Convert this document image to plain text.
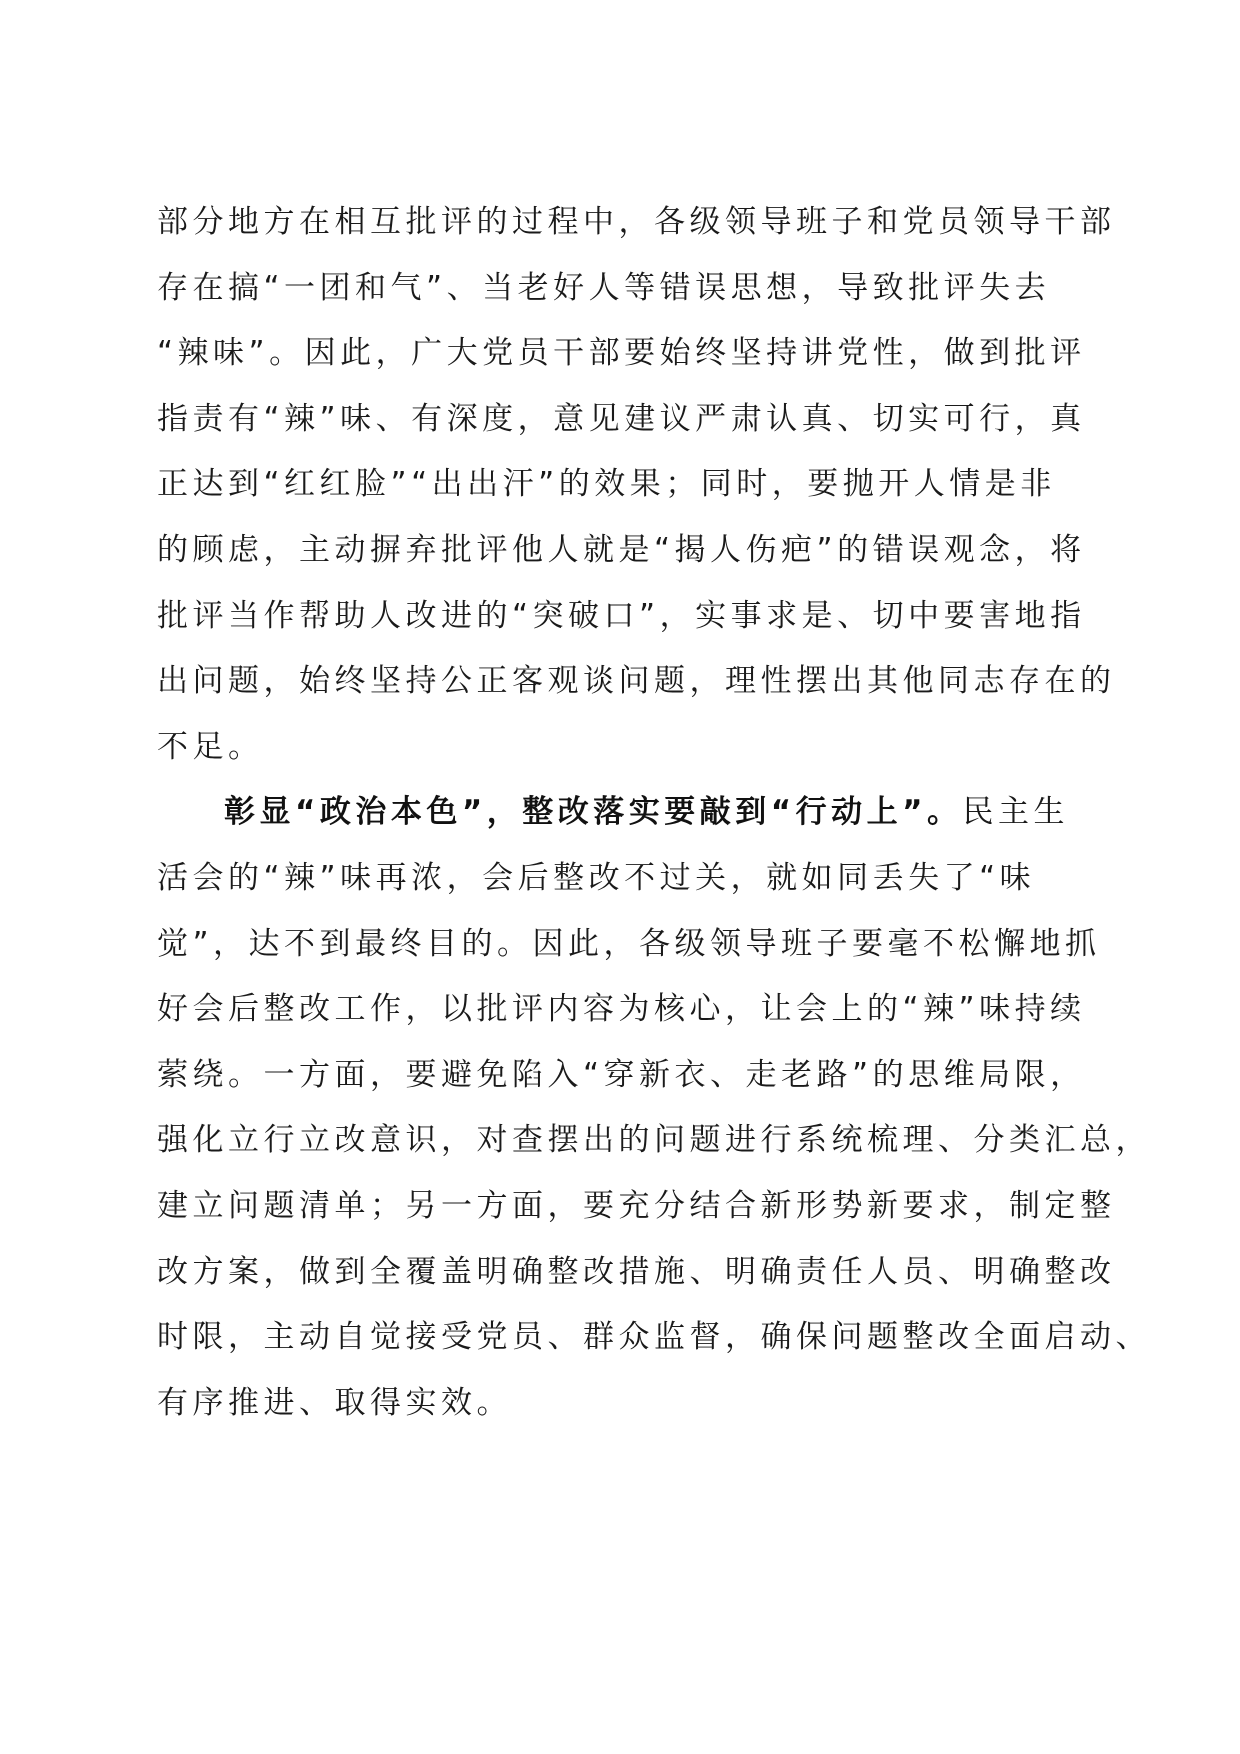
部分地方在相互批评的过程中，各级领导班子和党员领导干部
存在搞“一团和气”、当老好人等错误思想，导致批评失去
“辣味”。因此，广大党员干部要始终坚持讲党性，做到批评
指责有“辣”味、有深度，意见建议严肃认真、切实可行，真
正达到“红红脸”“出出汗”的效果；同时，要抛开人情是非
的顾虑，主动摒弃批评他人就是“揭人伤疤”的错误观念，将
批评当作帮助人改进的“突破口”，实事求是、切中要害地指
出问题，始终坚持公正客观谈问题，理性摆出其他同志存在的
不足。
彰显“政治本色”，整改落实要敲到“行动上”。民主生
活会的“辣”味再浓，会后整改不过关，就如同丢失了“味
觉”，达不到最终目的。因此，各级领导班子要毫不松懈地抓
好会后整改工作，以批评内容为核心，让会上的“辣”味持续
萦绕。一方面，要避免陷入“穿新衣、走老路”的思维局限，
强化立行立改意识，对查摆出的问题进行系统梳理、分类汇总，
建立问题清单；另一方面，要充分结合新形势新要求，制定整
改方案，做到全覆盖明确整改措施、明确责任人员、明确整改
时限，主动自觉接受党员、群众监督，确保问题整改全面启动、
有序推进、取得实效。
